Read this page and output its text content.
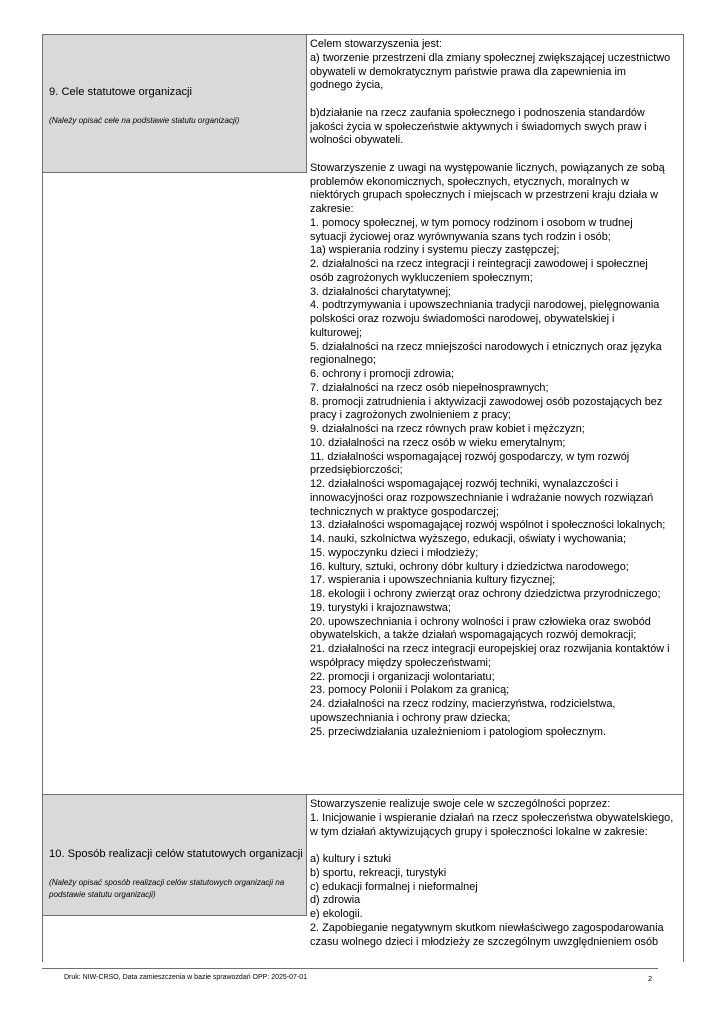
9. Cele statutowe organizacji
(Należy opisać cele na podstawie statutu organizacji)
Celem stowarzyszenia jest:
a) tworzenie przestrzeni dla zmiany społecznej zwiększającej uczestnictwo
obywateli w demokratycznym państwie prawa dla zapewnienia im
godnego życia,
b)działanie na rzecz zaufania społecznego i podnoszenia standardów
jakości życia w społeczeństwie aktywnych i świadomych swych praw i
wolności obywateli.
Stowarzyszenie z uwagi na występowanie licznych, powiązanych ze sobą
problemów ekonomicznych, społecznych, etycznych, moralnych w
niektórych grupach społecznych i miejscach w przestrzeni kraju działa w
zakresie:
1. pomocy społecznej, w tym pomocy rodzinom i osobom w trudnej
sytuacji życiowej oraz wyrównywania szans tych rodzin i osób;
1a) wspierania rodziny i systemu pieczy zastępczej;
2. działalności na rzecz integracji i reintegracji zawodowej i społecznej
osób zagrożonych wykluczeniem społecznym;
3. działalności charytatywnej;
4. podtrzymywania i upowszechniania tradycji narodowej, pielęgnowania
polskości oraz rozwoju świadomości narodowej, obywatelskiej i
kulturowej;
5. działalności na rzecz mniejszości narodowych i etnicznych oraz języka
regionalnego;
6. ochrony i promocji zdrowia;
7. działalności na rzecz osób niepełnosprawnych;
8. promocji zatrudnienia i aktywizacji zawodowej osób pozostających bez
pracy i zagrożonych zwolnieniem z pracy;
9. działalności na rzecz równych praw kobiet i mężczyzn;
10. działalności na rzecz osób w wieku emerytalnym;
11. działalności wspomagającej rozwój gospodarczy, w tym rozwój
przedsiębiorczości;
12. działalności wspomagającej rozwój techniki, wynalazczości i
innowacyjności oraz rozpowszechnianie i wdrażanie nowych rozwiązań
technicznych w praktyce gospodarczej;
13. działalności wspomagającej rozwój wspólnot i społeczności lokalnych;
14. nauki, szkolnictwa wyższego, edukacji, oświaty i wychowania;
15. wypoczynku dzieci i młodzieży;
16. kultury, sztuki, ochrony dóbr kultury i dziedzictwa narodowego;
17. wspierania i upowszechniania kultury fizycznej;
18. ekologii i ochrony zwierząt oraz ochrony dziedzictwa przyrodniczego;
19. turystyki i krajoznawstwa;
20. upowszechniania i ochrony wolności i praw człowieka oraz swobód
obywatelskich, a także działań wspomagających rozwój demokracji;
21. działalności na rzecz integracji europejskiej oraz rozwijania kontaktów i
współpracy między społeczeństwami;
22. promocji i organizacji wolontariatu;
23. pomocy Polonii i Polakom za granicą;
24. działalności na rzecz rodziny, macierzyństwa, rodzicielstwa,
upowszechniania i ochrony praw dziecka;
25. przeciwdziałania uzależnieniom i patologiom społecznym.
10. Sposób realizacji celów statutowych organizacji
(Należy opisać sposób realizacji celów statutowych organizacji na podstawie statutu organizacji)
Stowarzyszenie realizuje swoje cele w szczególności poprzez:
1. Inicjowanie i wspieranie działań na rzecz społeczeństwa obywatelskiego,
w tym działań aktywizujących grupy i społeczności lokalne w zakresie:
a) kultury i sztuki
b) sportu, rekreacji, turystyki
c) edukacji formalnej i nieformalnej
d) zdrowia
e) ekologii.
2. Zapobieganie negatywnym skutkom niewłaściwego zagospodarowania
czasu wolnego dzieci i młodzieży ze szczególnym uwzględnieniem osób
Druk: NIW-CRSO, Data zamieszczenia w bazie sprawozdań OPP: 2025-07-01	2
